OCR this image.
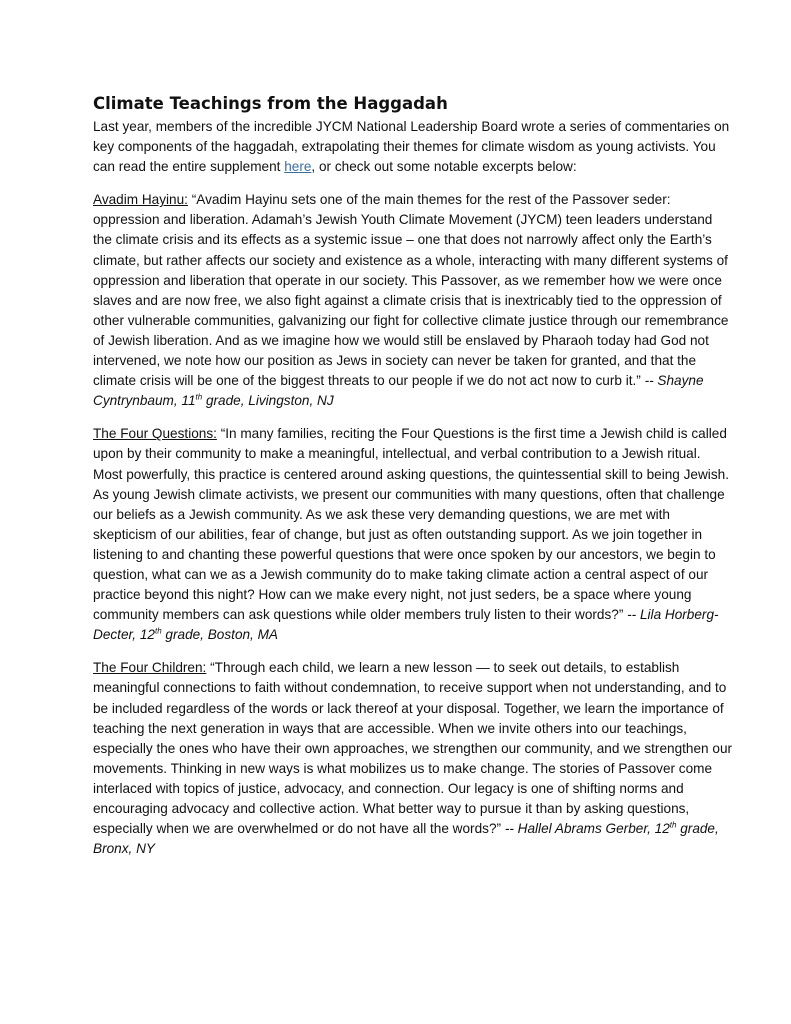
Climate Teachings from the Haggadah

Last year, members of the incredible JYCM National Leadership Board wrote a series of commentaries on key components of the haggadah, extrapolating their themes for climate wisdom as young activists. You can read the entire supplement here, or check out some notable excerpts below:

Avadim Hayinu: “Avadim Hayinu sets one of the main themes for the rest of the Passover seder: oppression and liberation. Adamah’s Jewish Youth Climate Movement (JYCM) teen leaders understand the climate crisis and its effects as a systemic issue – one that does not narrowly affect only the Earth’s climate, but rather affects our society and existence as a whole, interacting with many different systems of oppression and liberation that operate in our society. This Passover, as we remember how we were once slaves and are now free, we also fight against a climate crisis that is inextricably tied to the oppression of other vulnerable communities, galvanizing our fight for collective climate justice through our remembrance of Jewish liberation. And as we imagine how we would still be enslaved by Pharaoh today had God not intervened, we note how our position as Jews in society can never be taken for granted, and that the climate crisis will be one of the biggest threats to our people if we do not act now to curb it.” -- Shayne Cyntrynbaum, 11th grade, Livingston, NJ

The Four Questions: “In many families, reciting the Four Questions is the first time a Jewish child is called upon by their community to make a meaningful, intellectual, and verbal contribution to a Jewish ritual. Most powerfully, this practice is centered around asking questions, the quintessential skill to being Jewish. As young Jewish climate activists, we present our communities with many questions, often that challenge our beliefs as a Jewish community. As we ask these very demanding questions, we are met with skepticism of our abilities, fear of change, but just as often outstanding support. As we join together in listening to and chanting these powerful questions that were once spoken by our ancestors, we begin to question, what can we as a Jewish community do to make taking climate action a central aspect of our practice beyond this night? How can we make every night, not just seders, be a space where young community members can ask questions while older members truly listen to their words?” -- Lila Horberg-Decter, 12th grade, Boston, MA

The Four Children: “Through each child, we learn a new lesson — to seek out details, to establish meaningful connections to faith without condemnation, to receive support when not understanding, and to be included regardless of the words or lack thereof at your disposal. Together, we learn the importance of teaching the next generation in ways that are accessible. When we invite others into our teachings, especially the ones who have their own approaches, we strengthen our community, and we strengthen our movements. Thinking in new ways is what mobilizes us to make change. The stories of Passover come interlaced with topics of justice, advocacy, and connection. Our legacy is one of shifting norms and encouraging advocacy and collective action. What better way to pursue it than by asking questions, especially when we are overwhelmed or do not have all the words?” -- Hallel Abrams Gerber, 12th grade, Bronx, NY
